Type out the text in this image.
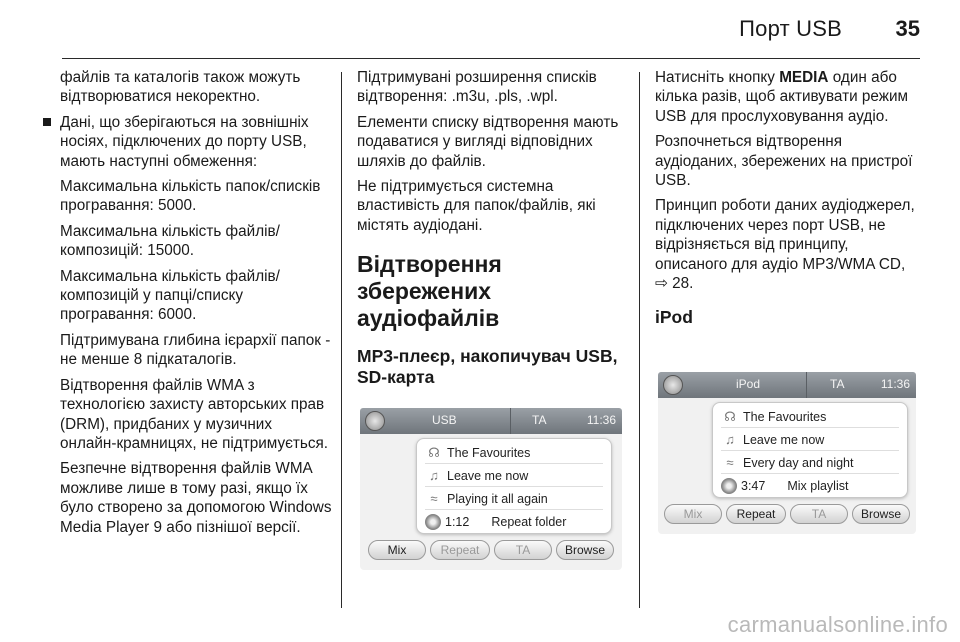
Порт USB 35

файлів та каталогів також можуть відтворюватися некоректно.

Дані, що зберігаються на зовнішніх носіях, підключених до порту USB, мають наступні обмеження:

Максимальна кількість папок/списків програвання: 5000.

Максимальна кількість файлів/композицій: 15000.

Максимальна кількість файлів/композицій у папці/списку програвання: 6000.

Підтримувана глибина ієрархії папок - не менше 8 підкаталогів.

Відтворення файлів WMA з технологією захисту авторських прав (DRM), придбаних у музичних онлайн-крамницях, не підтримується.

Безпечне відтворення файлів WMA можливе лише в тому разі, якщо їх було створено за допомогою Windows Media Player 9 або пізнішої версії.

Підтримувані розширення списків відтворення: .m3u, .pls, .wpl.

Елементи списку відтворення мають подаватися у вигляді відповідних шляхів до файлів.

Не підтримується системна властивість для папок/файлів, які містять аудіодані.

Відтворення збережених аудіофайлів
МР3-плеєр, накопичувач USB, SD-карта

Натисніть кнопку MEDIA один або кілька разів, щоб активувати режим USB для прослуховування аудіо.

Розпочнеться відтворення аудіоданих, збережених на пристрої USB.

Принцип роботи даних аудіоджерел, підключених через порт USB, не відрізняється від принципу, описаного для аудіо MP3/WMA CD, ⇨ 28.

iPod
USB	TA	11:36
☊ The Favourites
♫ Leave me now
≈ Playing it all again
1:12 Repeat folder
Mix	Repeat	TA	Browse
iPod	TA	11:36
☊ The Favourites
♫ Leave me now
≈ Every day and night
3:47 Mix playlist
Mix	Repeat	TA	Browse
carmanualsonline.info
